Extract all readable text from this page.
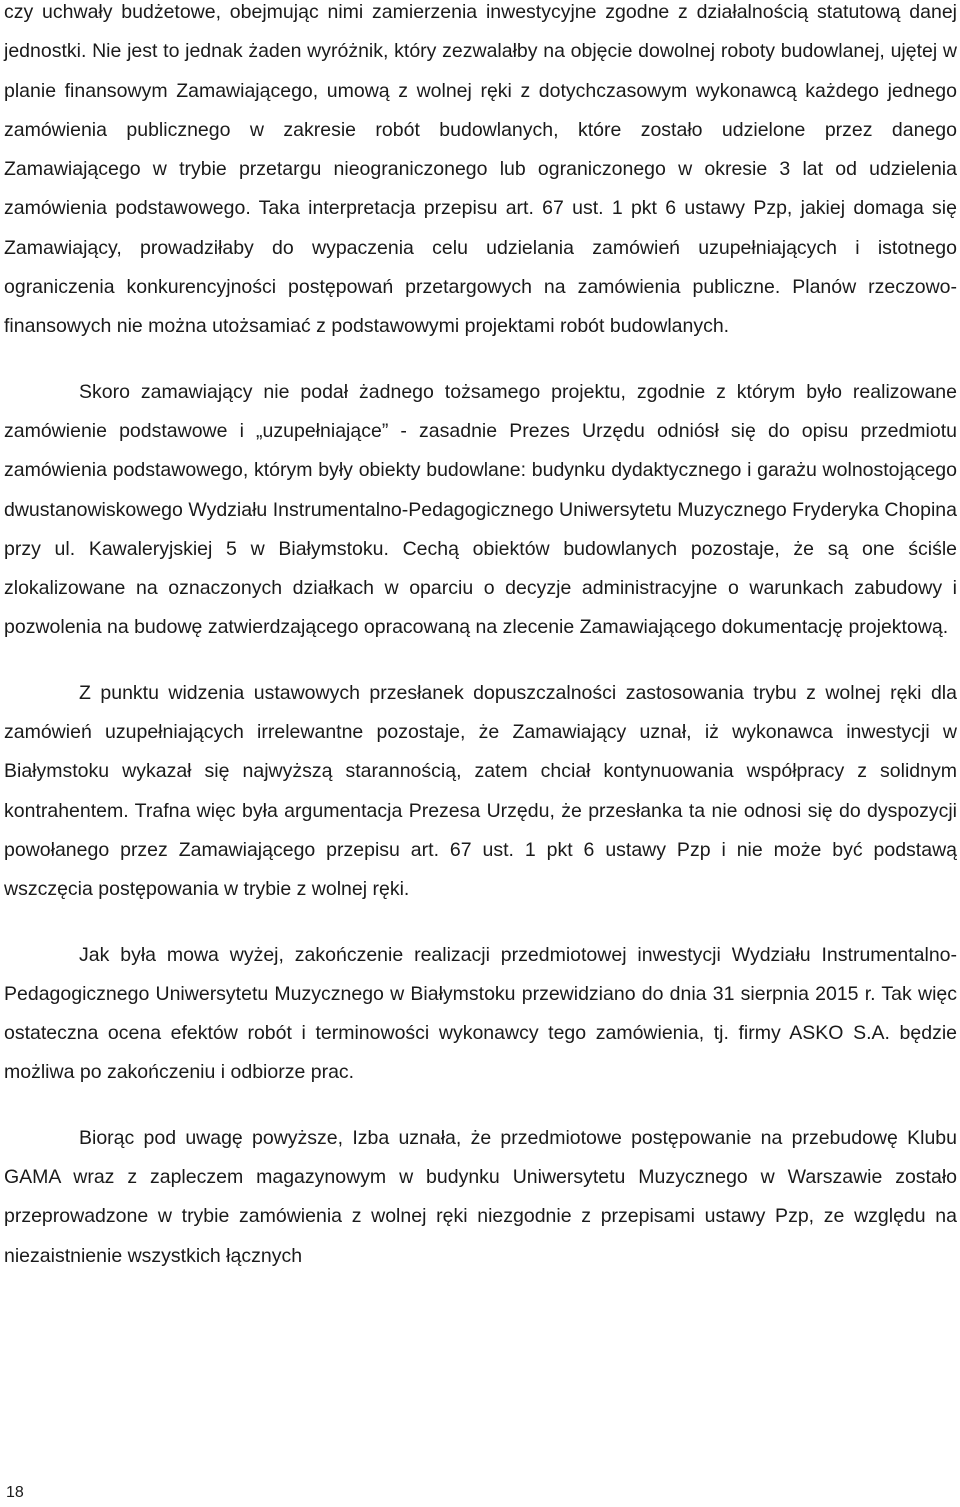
czy uchwały budżetowe, obejmując nimi zamierzenia inwestycyjne zgodne z działalnością statutową danej jednostki. Nie jest to jednak żaden wyróżnik, który zezwalałby na objęcie dowolnej roboty budowlanej, ujętej w planie finansowym Zamawiającego, umową z wolnej ręki z dotychczasowym wykonawcą każdego jednego zamówienia publicznego w zakresie robót budowlanych, które zostało udzielone przez danego Zamawiającego w trybie przetargu nieograniczonego lub ograniczonego w okresie 3 lat od udzielenia zamówienia podstawowego. Taka interpretacja przepisu art. 67 ust. 1 pkt 6 ustawy Pzp, jakiej domaga się Zamawiający, prowadziłaby do wypaczenia celu udzielania zamówień uzupełniających i istotnego ograniczenia konkurencyjności postępowań przetargowych na zamówienia publiczne. Planów rzeczowo-finansowych nie można utożsamiać z podstawowymi projektami robót budowlanych.

Skoro zamawiający nie podał żadnego tożsamego projektu, zgodnie z którym było realizowane zamówienie podstawowe i „uzupełniające” - zasadnie Prezes Urzędu odniósł się do opisu przedmiotu zamówienia podstawowego, którym były obiekty budowlane: budynku dydaktycznego i garażu wolnostojącego dwustanowiskowego Wydziału Instrumentalno-Pedagogicznego Uniwersytetu Muzycznego Fryderyka Chopina przy ul. Kawaleryjskiej 5 w Białymstoku. Cechą obiektów budowlanych pozostaje, że są one ściśle zlokalizowane na oznaczonych działkach w oparciu o decyzje administracyjne o warunkach zabudowy i pozwolenia na budowę zatwierdzającego opracowaną na zlecenie Zamawiającego dokumentację projektową.

Z punktu widzenia ustawowych przesłanek dopuszczalności zastosowania trybu z wolnej ręki dla zamówień uzupełniających irrelewantne pozostaje, że Zamawiający uznał, iż wykonawca inwestycji w Białymstoku wykazał się najwyższą starannością, zatem chciał kontynuowania współpracy z solidnym kontrahentem. Trafna więc była argumentacja Prezesa Urzędu, że przesłanka ta nie odnosi się do dyspozycji powołanego przez Zamawiającego przepisu art. 67 ust. 1 pkt 6 ustawy Pzp i nie może być podstawą wszczęcia postępowania w trybie z wolnej ręki.

Jak była mowa wyżej, zakończenie realizacji przedmiotowej inwestycji Wydziału Instrumentalno-Pedagogicznego Uniwersytetu Muzycznego w Białymstoku przewidziano do dnia 31 sierpnia 2015 r. Tak więc ostateczna ocena efektów robót i terminowości wykonawcy tego zamówienia, tj. firmy ASKO S.A. będzie możliwa po zakończeniu i odbiorze prac.

Biorąc pod uwagę powyższe, Izba uznała, że przedmiotowe postępowanie na przebudowę Klubu GAMA wraz z zapleczem magazynowym w budynku Uniwersytetu Muzycznego w Warszawie zostało przeprowadzone w trybie zamówienia z wolnej ręki niezgodnie z przepisami ustawy Pzp, ze względu na niezaistnienie wszystkich łącznych

18
